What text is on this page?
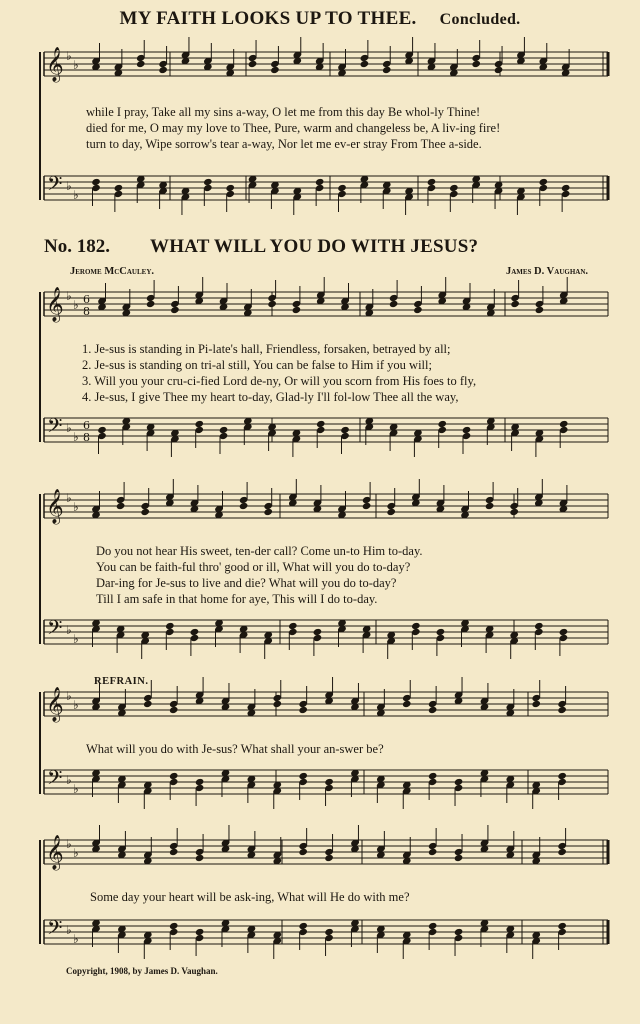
MY FAITH LOOKS UP TO THEE. Concluded.
No. 182. WHAT WILL YOU DO WITH JESUS?
Jerome McCauley.	James D. Vaughan.
REFRAIN.
while I pray, Take all my sins a-way, O let me from this day Be whol-ly Thine!
died for me, O may my love to Thee, Pure, warm and changeless be, A liv-ing fire!
turn to day, Wipe sorrow's tear a-way, Nor let me ev-er stray From Thee a-side.
1. Je-sus is standing in Pi-late's hall, Friendless, forsaken, betrayed by all;
2. Je-sus is standing on tri-al still, You can be false to Him if you will;
3. Will you your cru-ci-fied Lord de-ny, Or will you scorn from His foes to fly,
4. Je-sus, I give Thee my heart to-day, Glad-ly I'll fol-low Thee all the way,
Do you not hear His sweet, ten-der call? Come un-to Him to-day.
You can be faith-ful thro' good or ill, What will you do to-day?
Dar-ing for Je-sus to live and die? What will you do to-day?
Till I am safe in that home for aye, This will I do to-day.
What will you do with Je-sus? What shall your an-swer be?
Some day your heart will be ask-ing, What will He do with me?
Copyright, 1908, by James D. Vaughan.
𝄞 ♭
♭
𝄢 ♭
♭
𝄞 ♭
♭ 6
8
𝄢 ♭
♭
6
8
𝄞 ♭
♭
𝄢 ♭
♭
𝄞 ♭
♭
𝄢 ♭
♭
𝄞 ♭
♭
𝄢 ♭
♭
